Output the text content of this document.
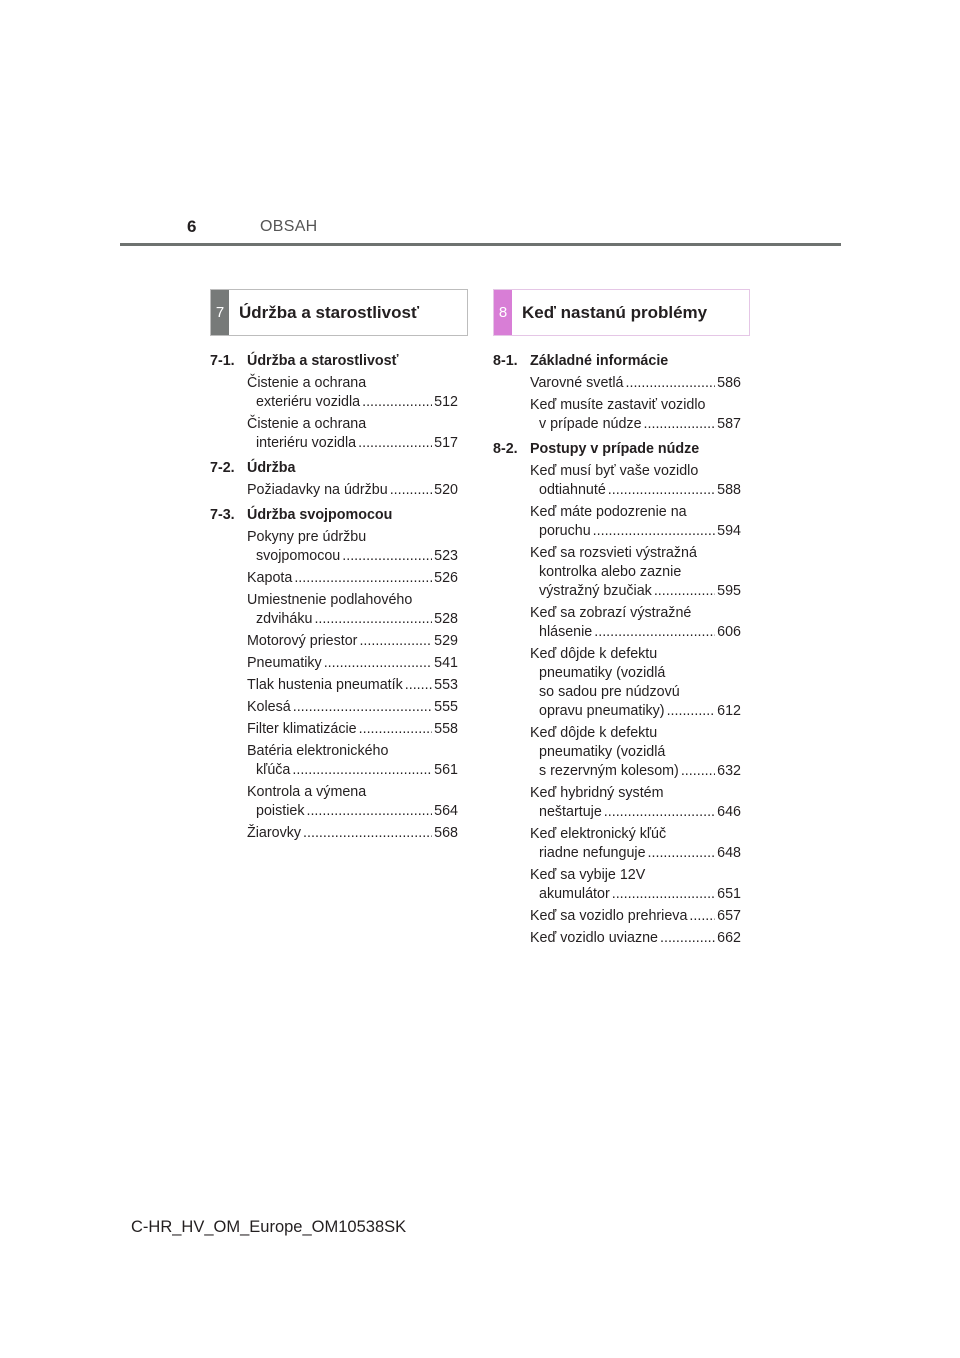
6	OBSAH
7 Údržba a starostlivosť	8 Keď nastanú problémy
7-1. Údržba a starostlivosť
Čistenie a ochrana
exteriéru vozidla .....	512
Čistenie a ochrana
interiéru vozidla .....	517
7-2. Údržba
Požiadavky na údržbu .....	520
7-3. Údržba svojpomocou
Pokyny pre údržbu
svojpomocou .....	523
Kapota .....	526
Umiestnenie podlahového
zdviháku .....	528
Motorový priestor .....	529
Pneumatiky .....	541
Tlak hustenia pneumatík ..... 553
Kolesá .....	555
Filter klimatizácie .....	558
Batéria elektronického
kľúča .....	561
Kontrola a výmena
poistiek .....	564
Žiarovky .....	568
8-1. Základné informácie
Varovné svetlá .....	586
Keď musíte zastaviť vozidlo
v prípade núdze .....	587
8-2. Postupy v prípade núdze
Keď musí byť vaše vozidlo
odtiahnuté .....	588
Keď máte podozrenie na
poruchu .....	594
Keď sa rozsvieti výstražná
kontrolka alebo zaznie
výstražný bzučiak .....	595
Keď sa zobrazí výstražné
hlásenie .....	606
Keď dôjde k defektu
pneumatiky (vozidlá
so sadou pre núdzovú
opravu pneumatiky) .....	612
Keď dôjde k defektu
pneumatiky (vozidlá
s rezervným kolesom) .....	632
Keď hybridný systém
neštartuje .....	646
Keď elektronický kľúč
riadne nefunguje .....	648
Keď sa vybije 12V
akumulátor .....	651
Keď sa vozidlo prehrieva ..... 657
Keď vozidlo uviazne .....	662
C-HR_HV_OM_Europe_OM10538SK
